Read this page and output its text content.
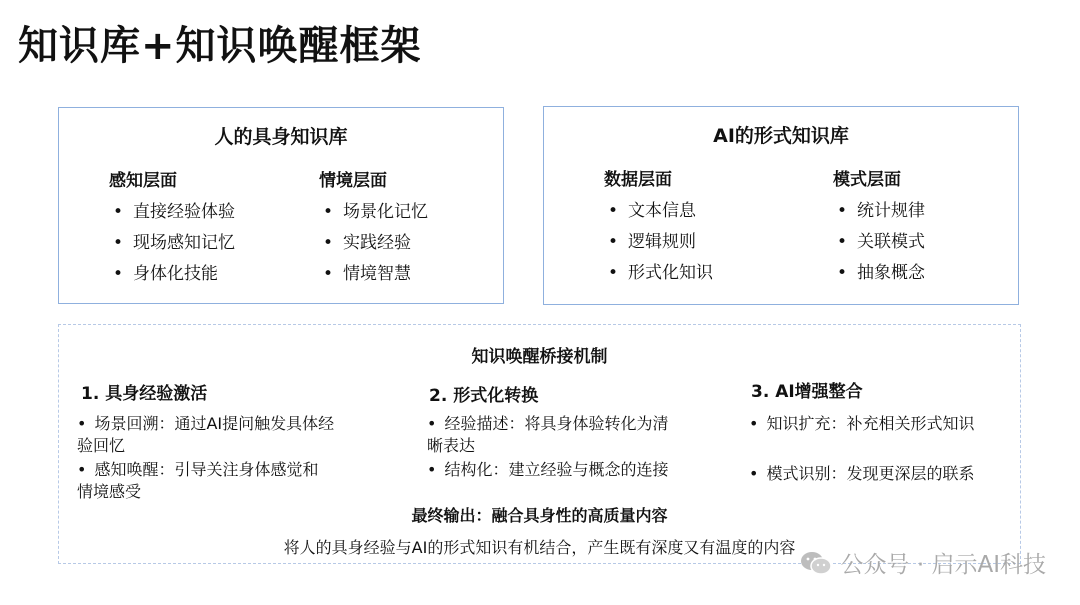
知识库+知识唤醒框架
人的具身知识库
感知层面
• 直接经验体验
• 现场感知记忆
• 身体化技能
情境层面
• 场景化记忆
• 实践经验
• 情境智慧
AI的形式知识库
数据层面
• 文本信息
• 逻辑规则
• 形式化知识
模式层面
• 统计规律
• 关联模式
• 抽象概念
知识唤醒桥接机制
1. 具身经验激活
• 场景回溯：通过AI提问触发具体经
验回忆
• 感知唤醒：引导关注身体感觉和
情境感受
2. 形式化转换
• 经验描述：将具身体验转化为清
晰表达
• 结构化：建立经验与概念的连接
3. AI增强整合
• 知识扩充：补充相关形式知识
• 模式识别：发现更深层的联系
最终输出：融合具身性的高质量内容
将人的具身经验与AI的形式知识有机结合，产生既有深度又有温度的内容
公众号 · 启示AI科技
